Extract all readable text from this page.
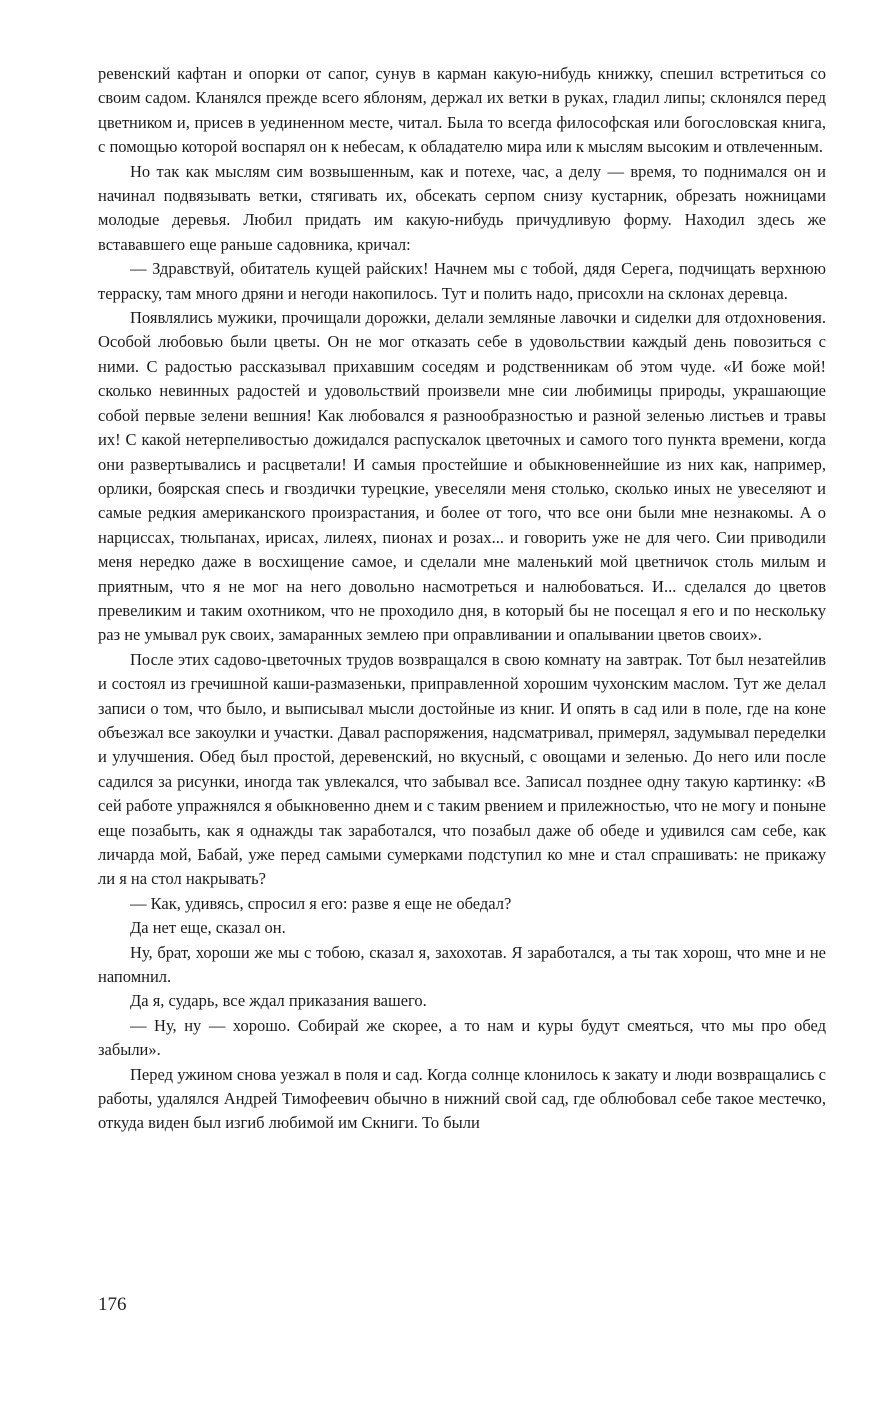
ревенский кафтан и опорки от сапог, сунув в карман какую-нибудь книжку, спешил встретиться со своим садом. Кланялся прежде всего яблоням, держал их ветки в руках, гладил липы; склонялся перед цветником и, присев в уединенном месте, читал. Была то всегда философская или богословская книга, с помощью которой воспарял он к небесам, к обладателю мира или к мыслям высоким и отвлеченным.

Но так как мыслям сим возвышенным, как и потехе, час, а делу — время, то поднимался он и начинал подвязывать ветки, стягивать их, обсекать серпом снизу кустарник, обрезать ножницами молодые деревья. Любил придать им какую-нибудь причудливую форму. Находил здесь же встававшего еще раньше садовника, кричал:

— Здравствуй, обитатель кущей райских! Начнем мы с тобой, дядя Серега, подчищать верхнюю терраску, там много дряни и негоди накопилось. Тут и полить надо, присохли на склонах деревца.

Появлялись мужики, прочищали дорожки, делали земляные лавочки и сиделки для отдохновения. Особой любовью были цветы. Он не мог отказать себе в удовольствии каждый день повозиться с ними. С радостью рассказывал прихавшим соседям и родственникам об этом чуде. «И боже мой! сколько невинных радостей и удовольствий произвели мне сии любимицы природы, украшающие собой первые зелени вешния! Как любовался я разнообразностью и разной зеленью листьев и травы их! С какой нетерпеливостью дожидался распускалок цветочных и самого того пункта времени, когда они развертывались и расцветали! И самыя простейшие и обыкновеннейшие из них как, например, орлики, боярская спесь и гвоздички турецкие, увеселяли меня столько, сколько иных не увеселяют и самые редкия американского произрастания, и более от того, что все они были мне незнакомы. А о нарциссах, тюльпанах, ирисах, лилеях, пионах и розах... и говорить уже не для чего. Сии приводили меня нередко даже в восхищение самое, и сделали мне маленький мой цветничок столь милым и приятным, что я не мог на него довольно насмотреться и налюбоваться. И... сделался до цветов превеликим и таким охотником, что не проходило дня, в который бы не посещал я его и по нескольку раз не умывал рук своих, замаранных землею при оправливании и опалывании цветов своих».

После этих садово-цветочных трудов возвращался в свою комнату на завтрак. Тот был незатейлив и состоял из гречишной каши-размазеньки, приправленной хорошим чухонским маслом. Тут же делал записи о том, что было, и выписывал мысли достойные из книг. И опять в сад или в поле, где на коне объезжал все закоулки и участки. Давал распоряжения, надсматривал, примерял, задумывал переделки и улучшения. Обед был простой, деревенский, но вкусный, с овощами и зеленью. До него или после садился за рисунки, иногда так увлекался, что забывал все. Записал позднее одну такую картинку: «В сей работе упражнялся я обыкновенно днем и с таким рвением и прилежностью, что не могу и поныне еще позабыть, как я однажды так заработался, что позабыл даже об обеде и удивился сам себе, как личарда мой, Бабай, уже перед самыми сумерками подступил ко мне и стал спрашивать: не прикажу ли я на стол накрывать?

— Как, удивясь, спросил я его: разве я еще не обедал?

Да нет еще, сказал он.

Ну, брат, хороши же мы с тобою, сказал я, захохотав. Я заработался, а ты так хорош, что мне и не напомнил.

Да я, сударь, все ждал приказания вашего.

— Ну, ну — хорошо. Собирай же скорее, а то нам и куры будут смеяться, что мы про обед забыли».

Перед ужином снова уезжал в поля и сад. Когда солнце клонилось к закату и люди возвращались с работы, удалялся Андрей Тимофеевич обычно в нижний свой сад, где облюбовал себе такое местечко, откуда виден был изгиб любимой им Скниги. То были

176
